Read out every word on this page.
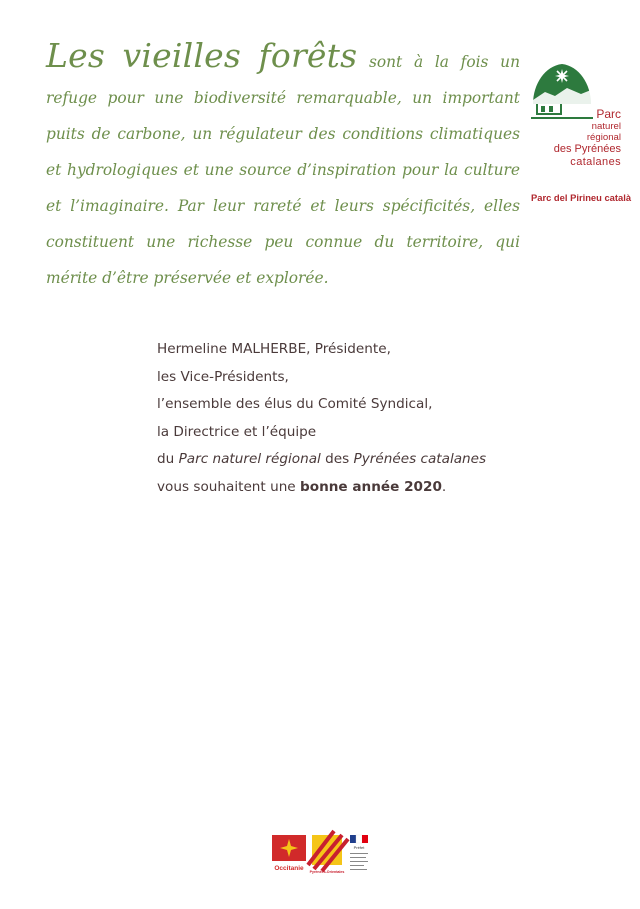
Les vieilles forêts sont à la fois un refuge pour une biodiversité remarquable, un important puits de carbone, un régulateur des conditions climatiques et hydrologiques et une source d’inspiration pour la culture et l’imaginaire. Par leur rareté et leurs spécificités, elles constituent une richesse peu connue du territoire, qui mérite d’être préservée et explorée.
Parc
naturel
régional
des Pyrénées
catalanes
Parc del Pirineu català
Hermeline MALHERBE, Présidente,
les Vice-Présidents,
l’ensemble des élus du Comité Syndical,
la Directrice et l’équipe
du Parc naturel régional des Pyrénées catalanes
vous souhaitent une bonne année 2020.
Occitanie Pyrénées-Orientales
Préfet
